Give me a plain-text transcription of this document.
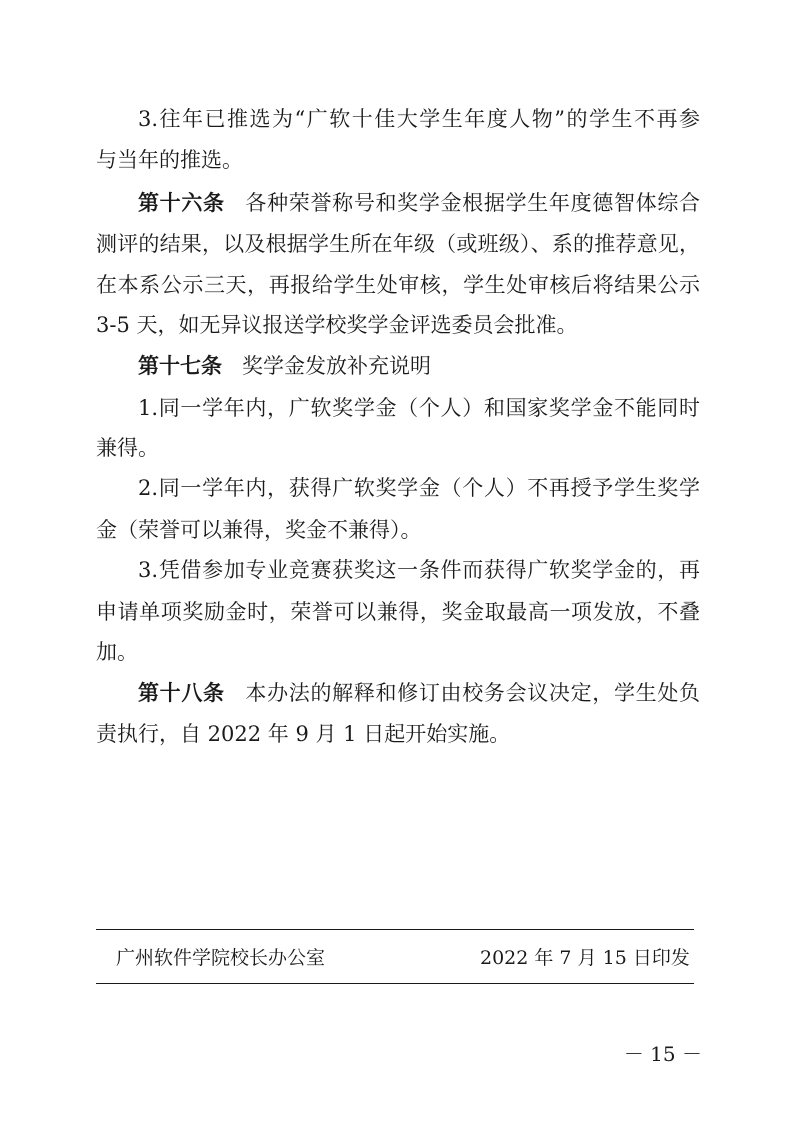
3.往年已推选为“广软十佳大学生年度人物”的学生不再参
与当年的推选。
第十六条 各种荣誉称号和奖学金根据学生年度德智体综合
测评的结果，以及根据学生所在年级（或班级）、系的推荐意见，
在本系公示三天，再报给学生处审核，学生处审核后将结果公示
3-5 天，如无异议报送学校奖学金评选委员会批准。
第十七条 奖学金发放补充说明
1.同一学年内，广软奖学金（个人）和国家奖学金不能同时
兼得。
2.同一学年内，获得广软奖学金（个人）不再授予学生奖学
金（荣誉可以兼得，奖金不兼得）。
3.凭借参加专业竞赛获奖这一条件而获得广软奖学金的，再
申请单项奖励金时，荣誉可以兼得，奖金取最高一项发放，不叠
加。
第十八条 本办法的解释和修订由校务会议决定，学生处负
责执行，自 2022 年 9 月 1 日起开始实施。
广州软件学院校长办公室	2022 年 7 月 15 日印发
－ 15 －
